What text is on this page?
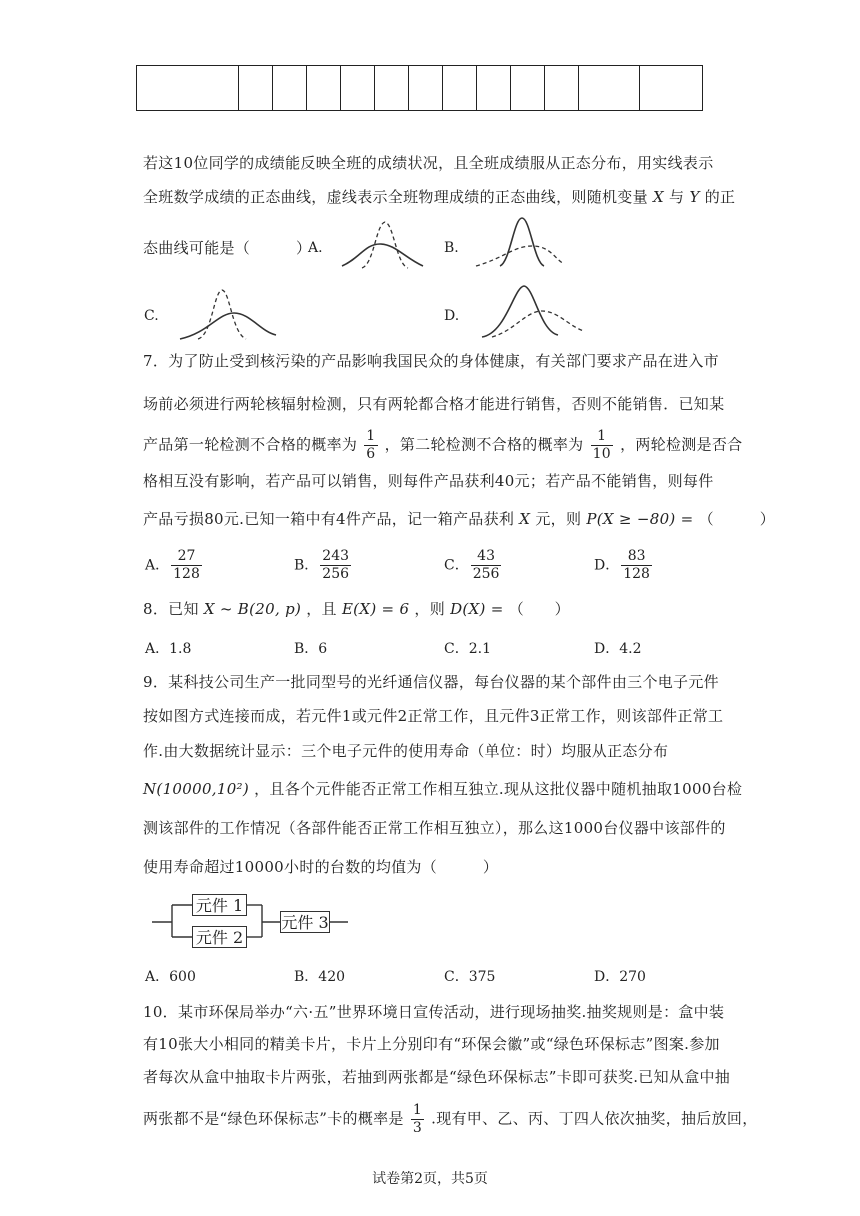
若这10位同学的成绩能反映全班的成绩状况，且全班成绩服从正态分布，用实线表示
全班数学成绩的正态曲线，虚线表示全班物理成绩的正态曲线，则随机变量 X 与 Y 的正
态曲线可能是（　　　）
A.	B.
C.	D.
7．为了防止受到核污染的产品影响我国民众的身体健康，有关部门要求产品在进入市
场前必须进行两轮核辐射检测，只有两轮都合格才能进行销售，否则不能销售．已知某
产品第一轮检测不合格的概率为 $\frac{1}{6}$ ，第二轮检测不合格的概率为 $\frac{1}{10}$ ，两轮检测是否合
格相互没有影响，若产品可以销售，则每件产品获利40元；若产品不能销售，则每件
产品亏损80元.已知一箱中有4件产品，记一箱产品获利 X 元，则 P(X ≥ −80) = （　　　）
A． $\frac{27}{128}$	B． $\frac{243}{256}$	C． $\frac{43}{256}$	D． $\frac{83}{128}$
8．已知 X ~ B(20, p) ，且 E(X) = 6 ，则 D(X) = （　　）
A．1.8	B．6	C．2.1	D．4.2
9．某科技公司生产一批同型号的光纤通信仪器，每台仪器的某个部件由三个电子元件
按如图方式连接而成，若元件1或元件2正常工作，且元件3正常工作，则该部件正常工
作.由大数据统计显示：三个电子元件的使用寿命（单位：时）均服从正态分布
N(10000,10²) ，且各个元件能否正常工作相互独立.现从这批仪器中随机抽取1000台检
测该部件的工作情况（各部件能否正常工作相互独立），那么这1000台仪器中该部件的
使用寿命超过10000小时的台数的均值为（　　　）
元件 1
元件 2
元件 3
A．600	B．420	C．375	D．270
10．某市环保局举办“六·五”世界环境日宣传活动，进行现场抽奖.抽奖规则是：盒中装
有10张大小相同的精美卡片，卡片上分别印有“环保会徽”或“绿色环保标志”图案.参加
者每次从盒中抽取卡片两张，若抽到两张都是“绿色环保标志”卡即可获奖.已知从盒中抽
两张都不是“绿色环保标志”卡的概率是 $\frac{1}{3}$ .现有甲、乙、丙、丁四人依次抽奖，抽后放回，
试卷第2页，共5页
